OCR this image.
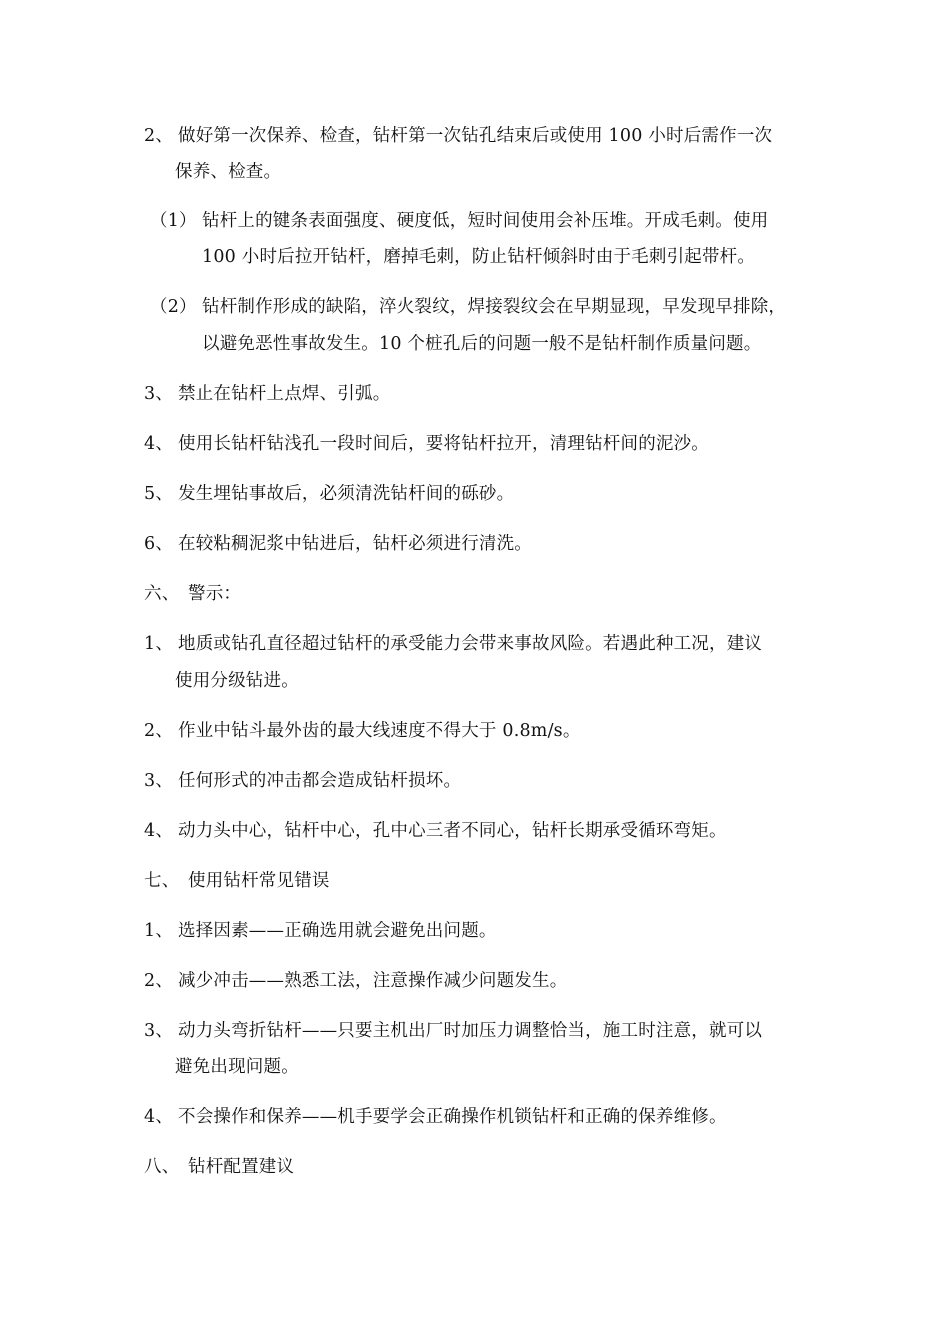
2、 做好第一次保养、检查，钻杆第一次钻孔结束后或使用 100 小时后需作一次
保养、检查。
（1） 钻杆上的键条表面强度、硬度低，短时间使用会补压堆。开成毛刺。使用
100 小时后拉开钻杆，磨掉毛刺，防止钻杆倾斜时由于毛刺引起带杆。
（2） 钻杆制作形成的缺陷，淬火裂纹，焊接裂纹会在早期显现，早发现早排除，
以避免恶性事故发生。10 个桩孔后的问题一般不是钻杆制作质量问题。
3、 禁止在钻杆上点焊、引弧。
4、 使用长钻杆钻浅孔一段时间后，要将钻杆拉开，清理钻杆间的泥沙。
5、 发生埋钻事故后，必须清洗钻杆间的砾砂。
6、 在较粘稠泥浆中钻进后，钻杆必须进行清洗。
六、 警示：
1、 地质或钻孔直径超过钻杆的承受能力会带来事故风险。若遇此种工况，建议
使用分级钻进。
2、 作业中钻斗最外齿的最大线速度不得大于 0.8m/s。
3、 任何形式的冲击都会造成钻杆损坏。
4、 动力头中心，钻杆中心，孔中心三者不同心，钻杆长期承受循环弯矩。
七、 使用钻杆常见错误
1、 选择因素——正确选用就会避免出问题。
2、 减少冲击——熟悉工法，注意操作减少问题发生。
3、 动力头弯折钻杆——只要主机出厂时加压力调整恰当，施工时注意，就可以
避免出现问题。
4、 不会操作和保养——机手要学会正确操作机锁钻杆和正确的保养维修。
八、 钻杆配置建议
